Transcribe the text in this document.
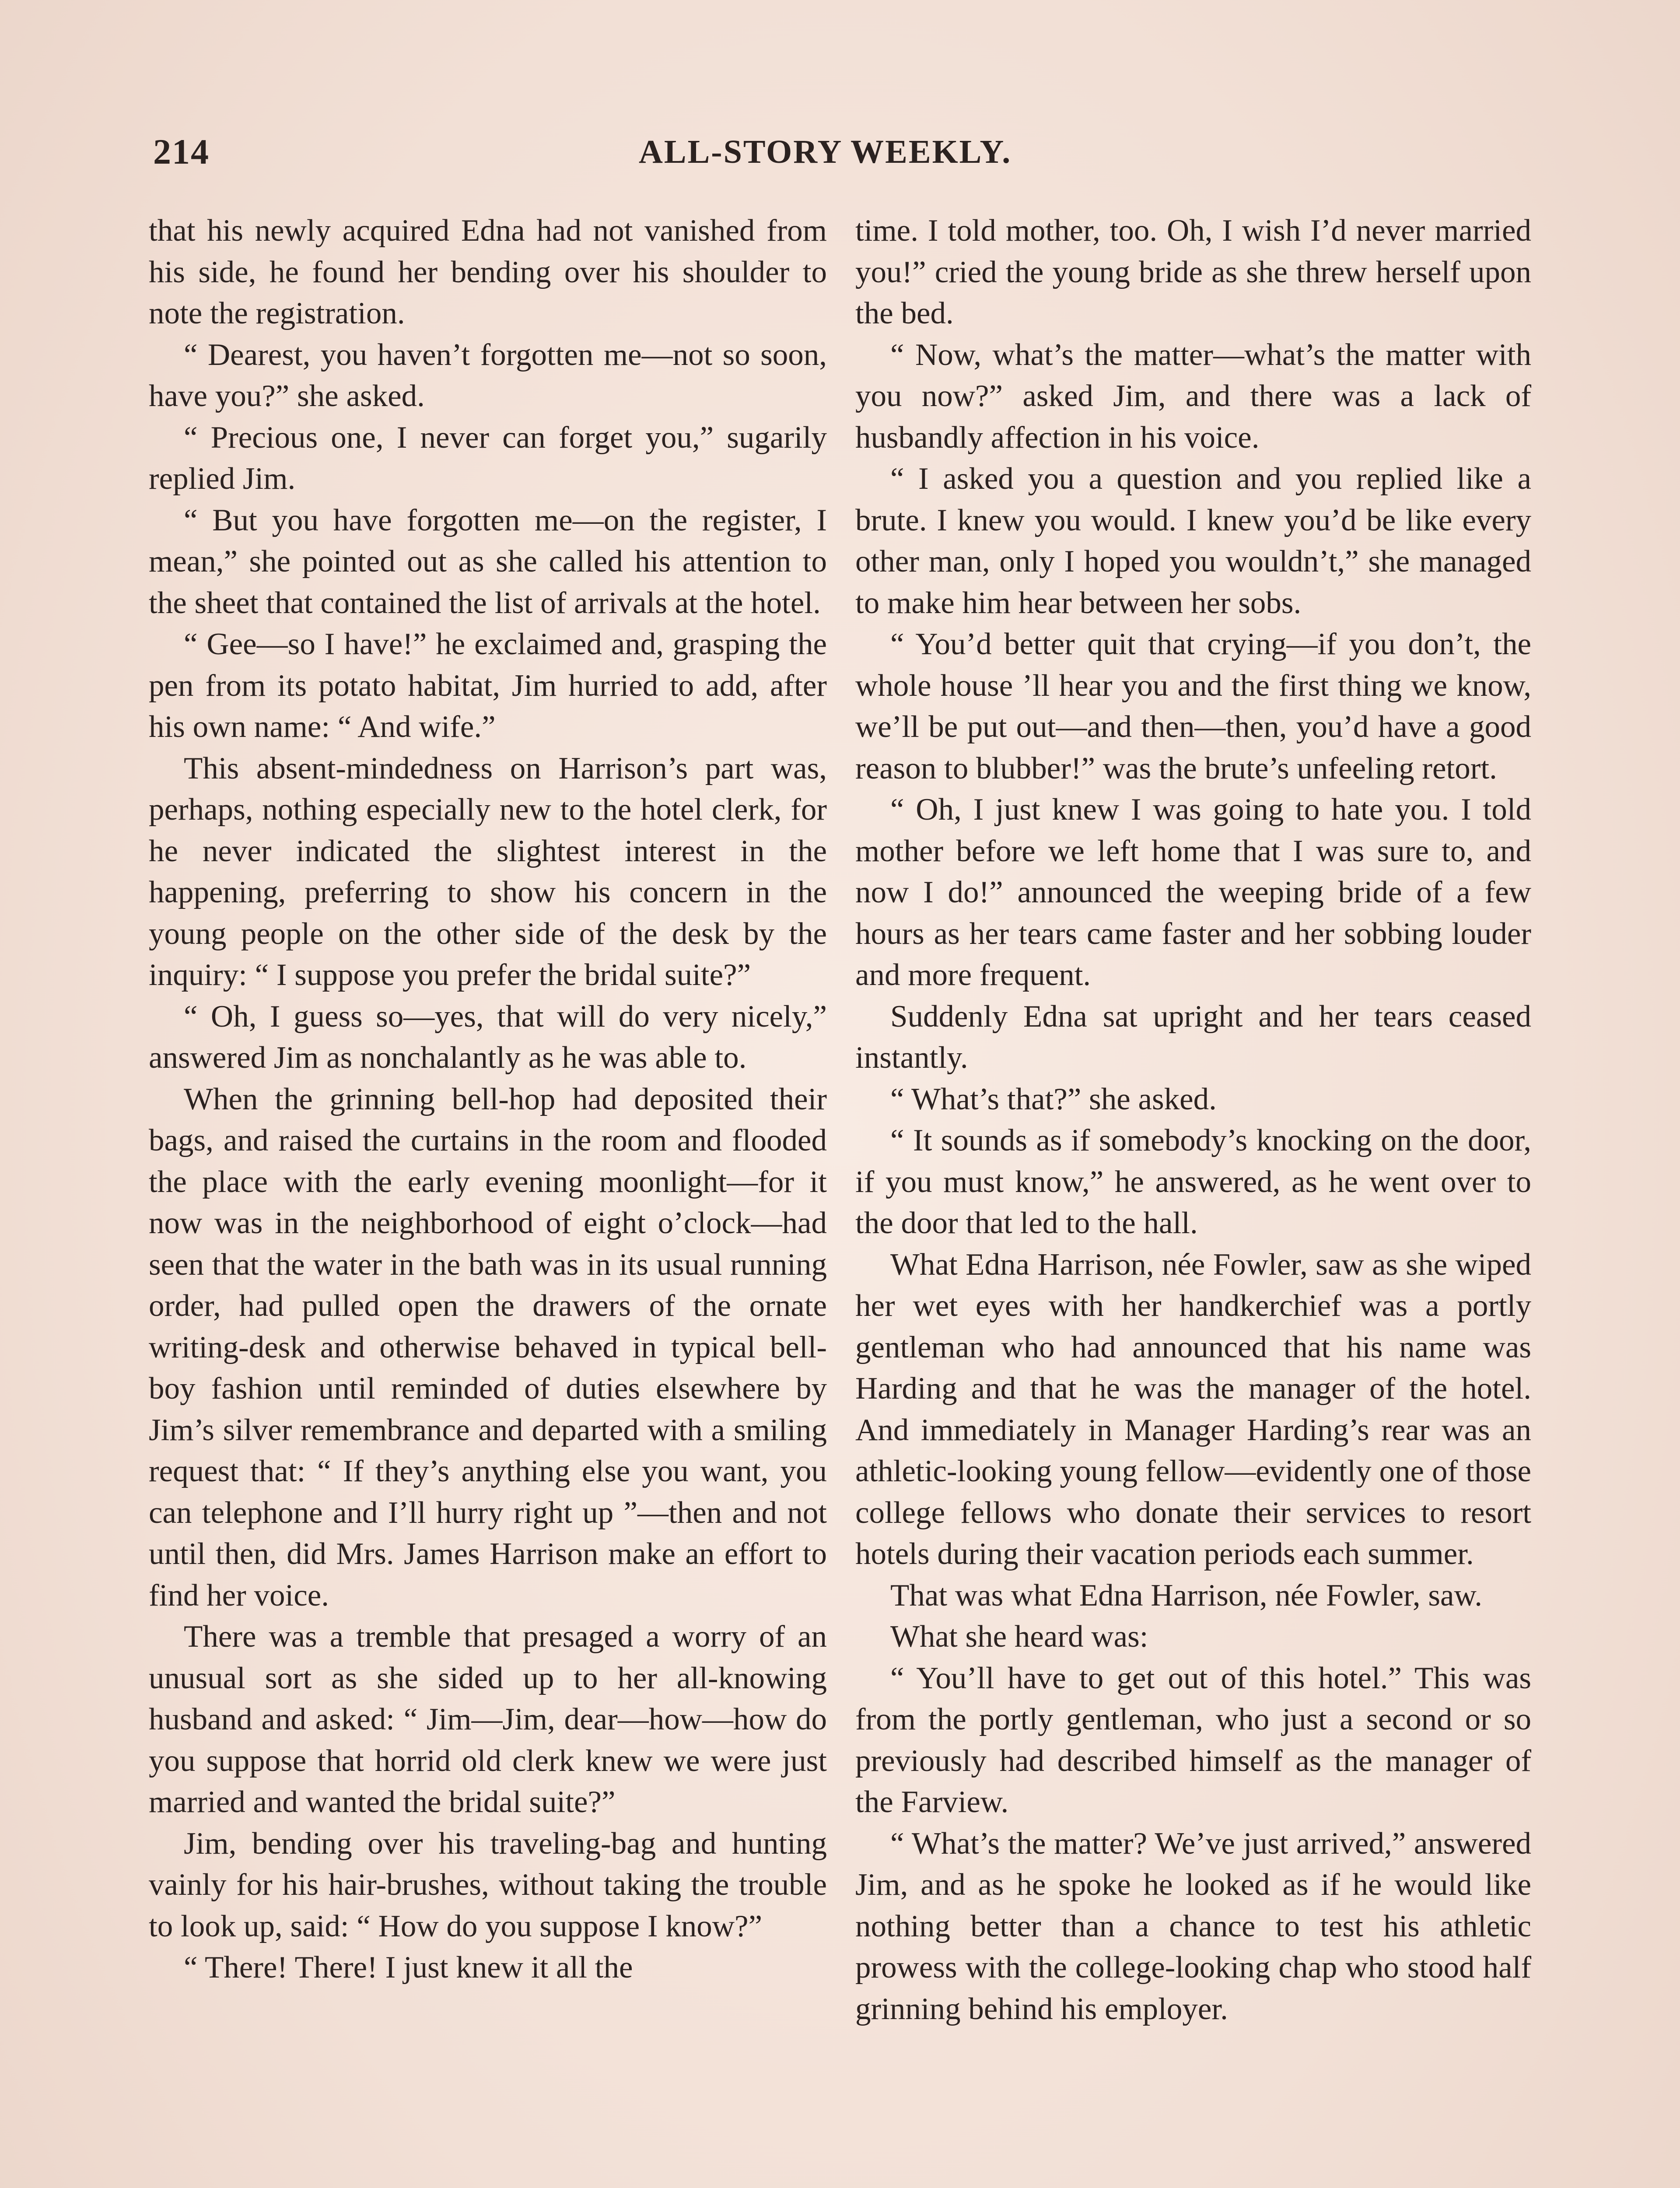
214	ALL-STORY WEEKLY.

that his newly acquired Edna had not vanished from his side, he found her bending over his shoulder to note the registration.

“ Dearest, you haven’t forgotten me—not so soon, have you?” she asked.

“ Precious one, I never can forget you,” sugarily replied Jim.

“ But you have forgotten me—on the register, I mean,” she pointed out as she called his attention to the sheet that contained the list of arrivals at the hotel.

“ Gee—so I have!” he exclaimed and, grasping the pen from its potato habitat, Jim hurried to add, after his own name: “ And wife.”

This absent-mindedness on Harrison’s part was, perhaps, nothing especially new to the hotel clerk, for he never indicated the slightest interest in the happening, preferring to show his concern in the young people on the other side of the desk by the inquiry: “ I suppose you prefer the bridal suite?”

“ Oh, I guess so—yes, that will do very nicely,” answered Jim as nonchalantly as he was able to.

When the grinning bell-hop had deposited their bags, and raised the curtains in the room and flooded the place with the early evening moonlight—for it now was in the neighborhood of eight o’clock—had seen that the water in the bath was in its usual running order, had pulled open the drawers of the ornate writing-desk and otherwise behaved in typical bell-boy fashion until reminded of duties elsewhere by Jim’s silver remembrance and departed with a smiling request that: “ If they’s anything else you want, you can telephone and I’ll hurry right up ”—then and not until then, did Mrs. James Harrison make an effort to find her voice.

There was a tremble that presaged a worry of an unusual sort as she sided up to her all-knowing husband and asked: “ Jim—Jim, dear—how—how do you suppose that horrid old clerk knew we were just married and wanted the bridal suite?”

Jim, bending over his traveling-bag and hunting vainly for his hair-brushes, without taking the trouble to look up, said: “ How do you suppose I know?”

“ There! There! I just knew it all the

time. I told mother, too. Oh, I wish I’d never married you!” cried the young bride as she threw herself upon the bed.

“ Now, what’s the matter—what’s the matter with you now?” asked Jim, and there was a lack of husbandly affection in his voice.

“ I asked you a question and you replied like a brute. I knew you would. I knew you’d be like every other man, only I hoped you wouldn’t,” she managed to make him hear between her sobs.

“ You’d better quit that crying—if you don’t, the whole house ’ll hear you and the first thing we know, we’ll be put out—and then—then, you’d have a good reason to blubber!” was the brute’s unfeeling retort.

“ Oh, I just knew I was going to hate you. I told mother before we left home that I was sure to, and now I do!” announced the weeping bride of a few hours as her tears came faster and her sobbing louder and more frequent.

Suddenly Edna sat upright and her tears ceased instantly.

“ What’s that?” she asked.

“ It sounds as if somebody’s knocking on the door, if you must know,” he answered, as he went over to the door that led to the hall.

What Edna Harrison, née Fowler, saw as she wiped her wet eyes with her handkerchief was a portly gentleman who had announced that his name was Harding and that he was the manager of the hotel. And immediately in Manager Harding’s rear was an athletic-looking young fellow—evidently one of those college fellows who donate their services to resort hotels during their vacation periods each summer.

That was what Edna Harrison, née Fowler, saw.

What she heard was:

“ You’ll have to get out of this hotel.” This was from the portly gentleman, who just a second or so previously had described himself as the manager of the Farview.

“ What’s the matter? We’ve just arrived,” answered Jim, and as he spoke he looked as if he would like nothing better than a chance to test his athletic prowess with the college-looking chap who stood half grinning behind his employer.
